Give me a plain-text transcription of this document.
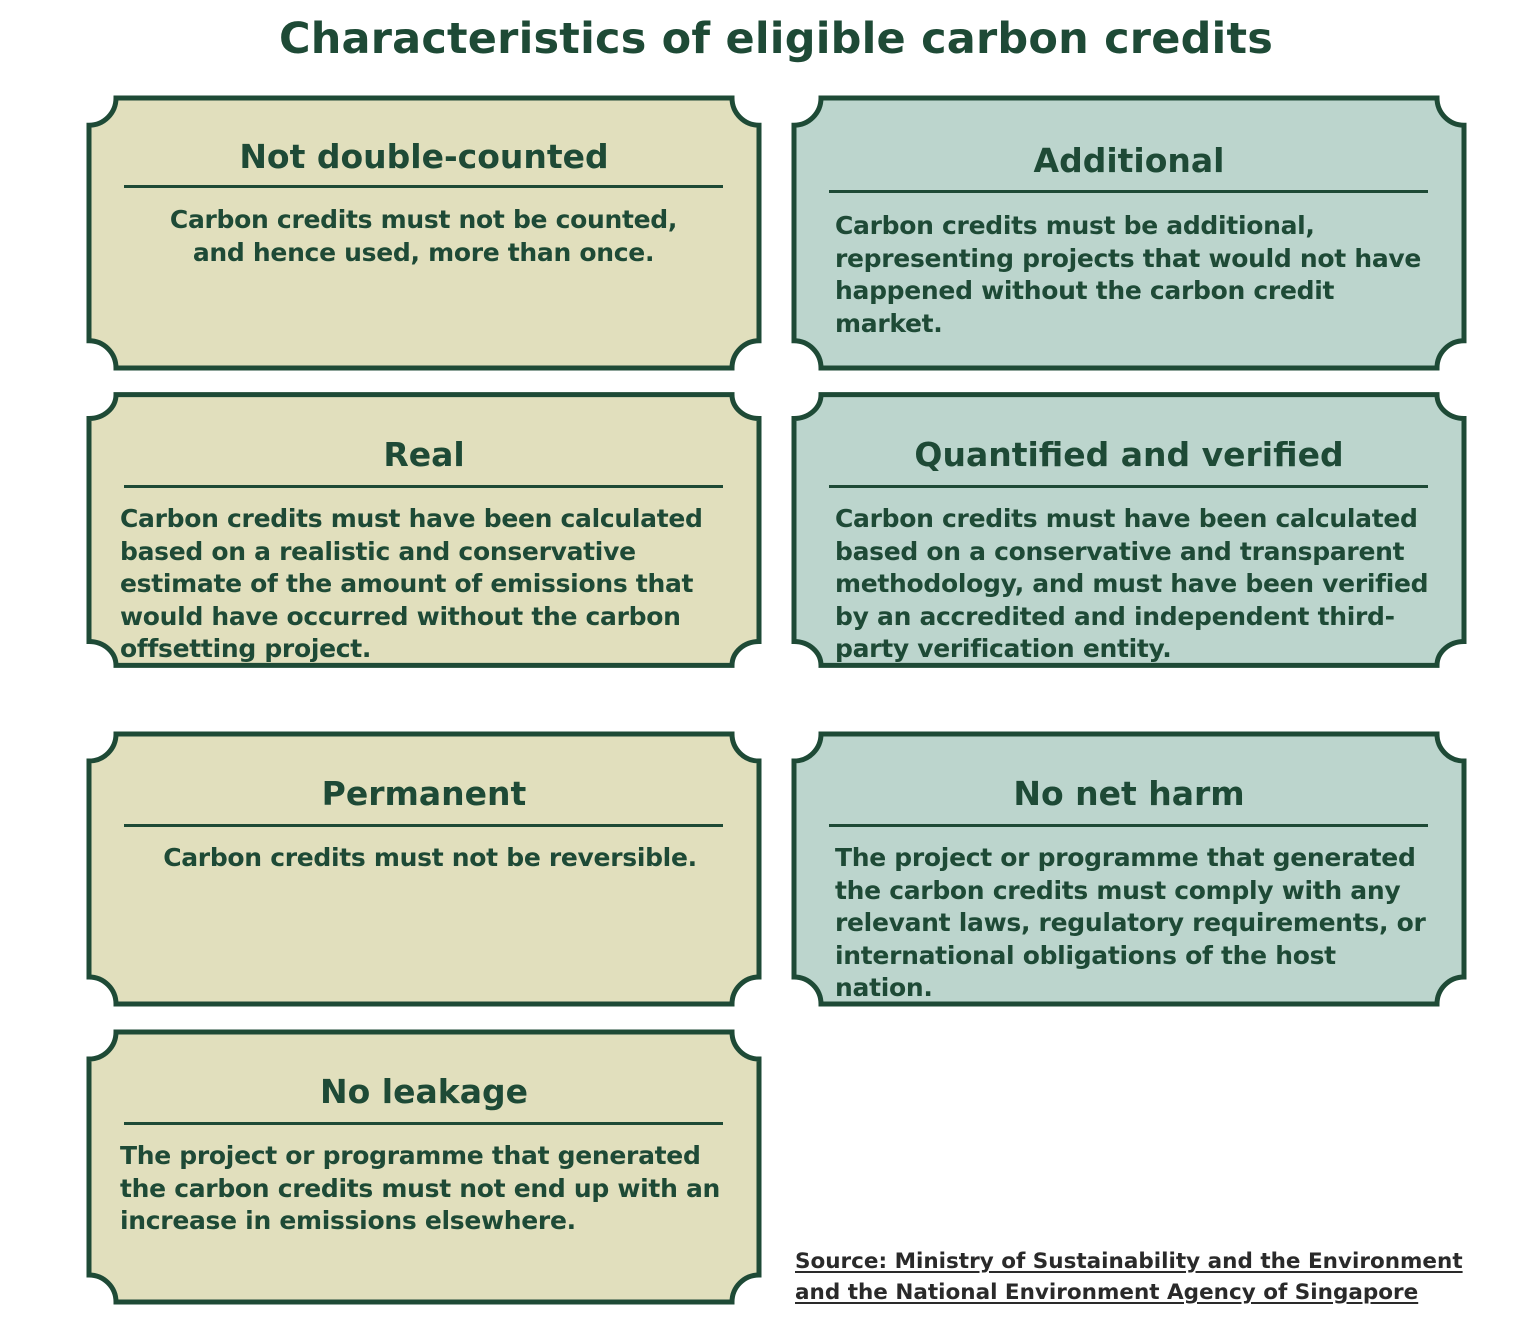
Characteristics of eligible carbon credits
Not double-counted
Carbon credits must not be counted, and hence used, more than once.
Additional
Carbon credits must be additional, representing projects that would not have happened without the carbon credit market.
Real
Carbon credits must have been calculated based on a realistic and conservative estimate of the amount of emissions that would have occurred without the carbon offsetting project.
Quantified and verified
Carbon credits must have been calculated based on a conservative and transparent methodology, and must have been verified by an accredited and independent third-party verification entity.
Permanent
Carbon credits must not be reversible.
No net harm
The project or programme that generated the carbon credits must comply with any relevant laws, regulatory requirements, or international obligations of the host nation.
No leakage
The project or programme that generated the carbon credits must not end up with an increase in emissions elsewhere.
Source: Ministry of Sustainability and the Environment and the National Environment Agency of Singapore
